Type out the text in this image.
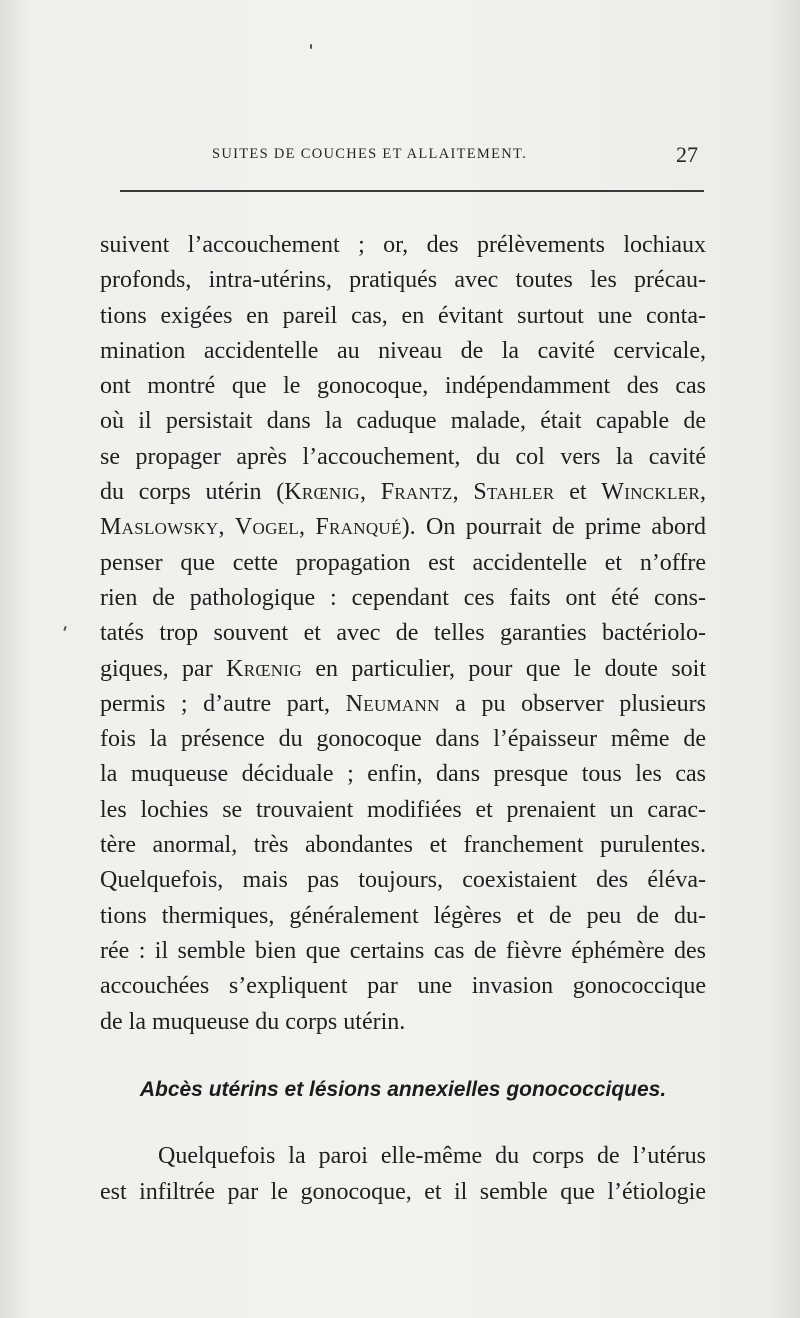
SUITES DE COUCHES ET ALLAITEMENT.	27
suivent l’accouchement ; or, des prélèvements lochiaux
profonds, intra-utérins, pratiqués avec toutes les précau-
tions exigées en pareil cas, en évitant surtout une conta-
mination accidentelle au niveau de la cavité cervicale,
ont montré que le gonocoque, indépendamment des cas
où il persistait dans la caduque malade, était capable de
se propager après l’accouchement, du col vers la cavité
du corps utérin (Krœnig, Frantz, Stahler et Winckler,
Maslowsky, Vogel, Franqué). On pourrait de prime abord
penser que cette propagation est accidentelle et n’offre
rien de pathologique : cependant ces faits ont été cons-
tatés trop souvent et avec de telles garanties bactériolo-
giques, par Krœnig en particulier, pour que le doute soit
permis ; d’autre part, Neumann a pu observer plusieurs
fois la présence du gonocoque dans l’épaisseur même de
la muqueuse déciduale ; enfin, dans presque tous les cas
les lochies se trouvaient modifiées et prenaient un carac-
tère anormal, très abondantes et franchement purulentes.
Quelquefois, mais pas toujours, coexistaient des éléva-
tions thermiques, généralement légères et de peu de du-
rée : il semble bien que certains cas de fièvre éphémère des
accouchées s’expliquent par une invasion gonococcique
de la muqueuse du corps utérin.
Abcès utérins et lésions annexielles gonococciques.
Quelquefois la paroi elle-même du corps de l’utérus
est infiltrée par le gonocoque, et il semble que l’étiologie
